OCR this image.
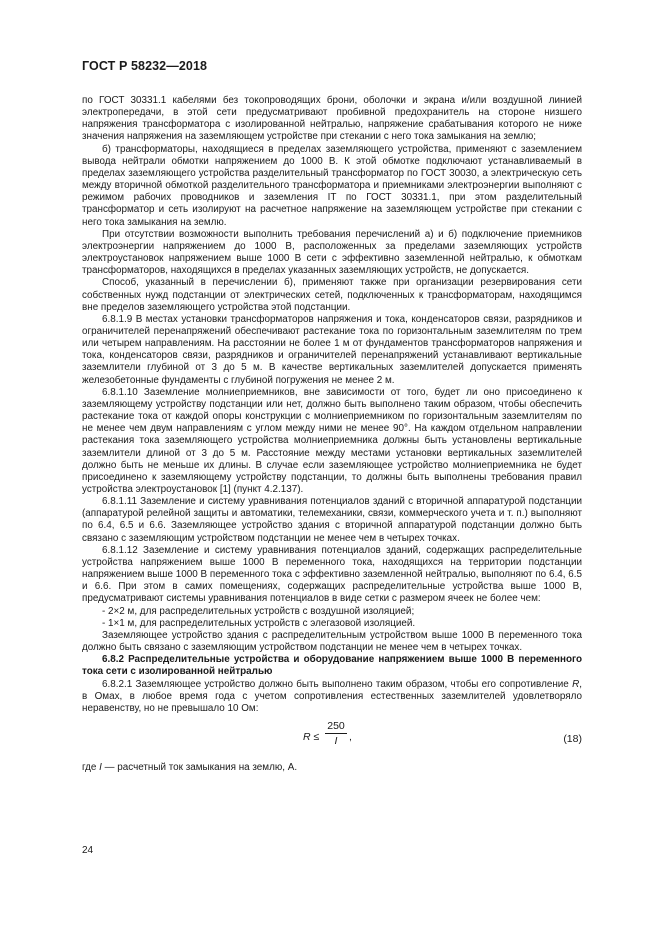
ГОСТ Р 58232—2018

по ГОСТ 30331.1 кабелями без токопроводящих брони, оболочки и экрана и/или воздушной линией электропередачи, в этой сети предусматривают пробивной предохранитель на стороне низшего напряжения трансформатора с изолированной нейтралью, напряжение срабатывания которого не ниже значения напряжения на заземляющем устройстве при стекании с него тока замыкания на землю;

б) трансформаторы, находящиеся в пределах заземляющего устройства, применяют с заземлением вывода нейтрали обмотки напряжением до 1000 В. К этой обмотке подключают устанавливаемый в пределах заземляющего устройства разделительный трансформатор по ГОСТ 30030, а электрическую сеть между вторичной обмоткой разделительного трансформатора и приемниками электроэнергии выполняют с режимом рабочих проводников и заземления IT по ГОСТ 30331.1, при этом разделительный трансформатор и сеть изолируют на расчетное напряжение на заземляющем устройстве при стекании с него тока замыкания на землю.

При отсутствии возможности выполнить требования перечислений а) и б) подключение приемников электроэнергии напряжением до 1000 В, расположенных за пределами заземляющих устройств электроустановок напряжением выше 1000 В сети с эффективно заземленной нейтралью, к обмоткам трансформаторов, находящихся в пределах указанных заземляющих устройств, не допускается.

Способ, указанный в перечислении б), применяют также при организации резервирования сети собственных нужд подстанции от электрических сетей, подключенных к трансформаторам, находящимся вне пределов заземляющего устройства этой подстанции.

6.8.1.9 В местах установки трансформаторов напряжения и тока, конденсаторов связи, разрядников и ограничителей перенапряжений обеспечивают растекание тока по горизонтальным заземлителям по трем или четырем направлениям. На расстоянии не более 1 м от фундаментов трансформаторов напряжения и тока, конденсаторов связи, разрядников и ограничителей перенапряжений устанавливают вертикальные заземлители глубиной от 3 до 5 м. В качестве вертикальных заземлителей допускается применять железобетонные фундаменты с глубиной погружения не менее 2 м.

6.8.1.10 Заземление молниеприемников, вне зависимости от того, будет ли оно присоединено к заземляющему устройству подстанции или нет, должно быть выполнено таким образом, чтобы обеспечить растекание тока от каждой опоры конструкции с молниеприемником по горизонтальным заземлителям по не менее чем двум направлениям с углом между ними не менее 90°. На каждом отдельном направлении растекания тока заземляющего устройства молниеприемника должны быть установлены вертикальные заземлители длиной от 3 до 5 м. Расстояние между местами установки вертикальных заземлителей должно быть не меньше их длины. В случае если заземляющее устройство молниеприемника не будет присоединено к заземляющему устройству подстанции, то должны быть выполнены требования правил устройства электроустановок [1] (пункт 4.2.137).

6.8.1.11 Заземление и систему уравнивания потенциалов зданий с вторичной аппаратурой подстанции (аппаратурой релейной защиты и автоматики, телемеханики, связи, коммерческого учета и т. п.) выполняют по 6.4, 6.5 и 6.6. Заземляющее устройство здания с вторичной аппаратурой подстанции должно быть связано с заземляющим устройством подстанции не менее чем в четырех точках.

6.8.1.12 Заземление и систему уравнивания потенциалов зданий, содержащих распределительные устройства напряжением выше 1000 В переменного тока, находящихся на территории подстанции напряжением выше 1000 В переменного тока с эффективно заземленной нейтралью, выполняют по 6.4, 6.5 и 6.6. При этом в самих помещениях, содержащих распределительные устройства выше 1000 В, предусматривают системы уравнивания потенциалов в виде сетки с размером ячеек не более чем:

- 2×2 м, для распределительных устройств с воздушной изоляцией;

- 1×1 м, для распределительных устройств с элегазовой изоляцией.

Заземляющее устройство здания с распределительным устройством выше 1000 В переменного тока должно быть связано с заземляющим устройством подстанции не менее чем в четырех точках.

6.8.2 Распределительные устройства и оборудование напряжением выше 1000 В переменного тока сети с изолированной нейтралью

6.8.2.1 Заземляющее устройство должно быть выполнено таким образом, чтобы его сопротивление R, в Омах, в любое время года с учетом сопротивления естественных заземлителей удовлетворяло неравенству, но не превышало 10 Ом:

R ≤
250
I	,	(18)

где I — расчетный ток замыкания на землю, А.

24
